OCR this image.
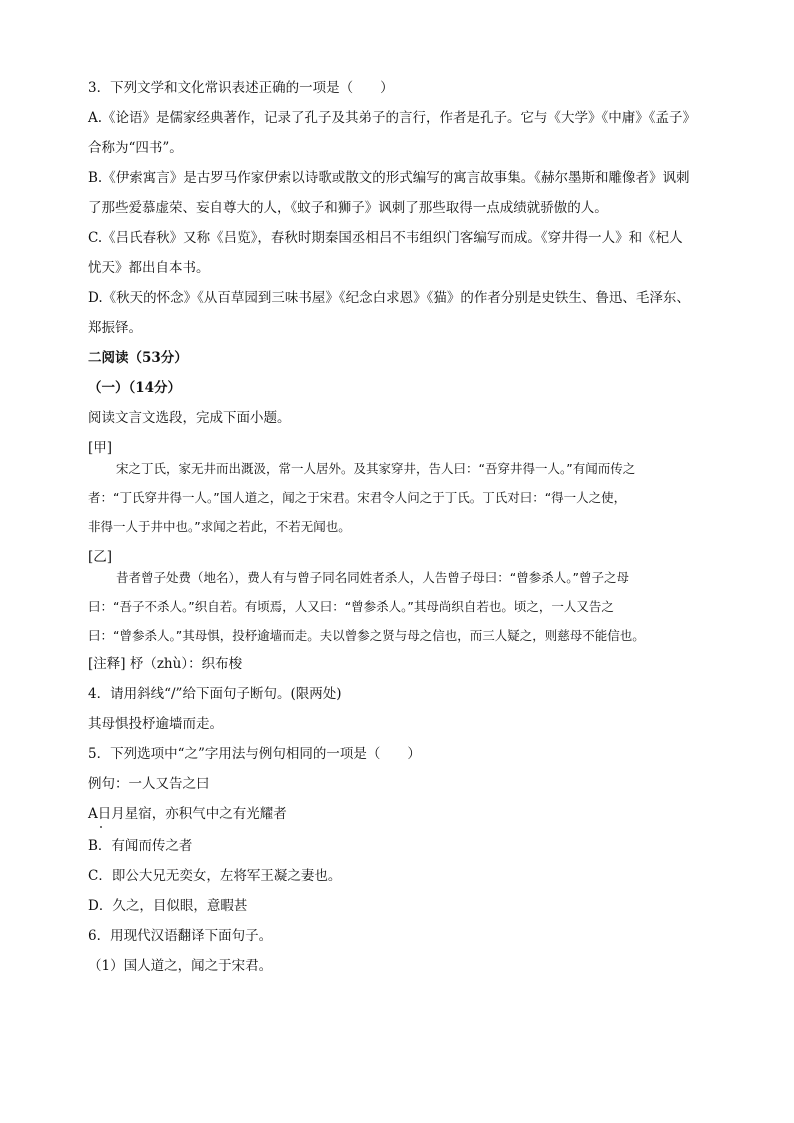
3．下列文学和文化常识表述正确的一项是（　　）

A.《论语》是儒家经典著作，记录了孔子及其弟子的言行，作者是孔子。它与《大学》《中庸》《孟子》

合称为“四书”。

B.《伊索寓言》是古罗马作家伊索以诗歌或散文的形式编写的寓言故事集。《赫尔墨斯和雕像者》讽刺

了那些爱慕虚荣、妄自尊大的人，《蚊子和狮子》讽刺了那些取得一点成绩就骄傲的人。

C.《吕氏春秋》又称《吕览》，春秋时期秦国丞相吕不韦组织门客编写而成。《穿井得一人》和《杞人

忧天》都出自本书。

D.《秋天的怀念》《从百草园到三味书屋》《纪念白求恩》《猫》的作者分别是史铁生、鲁迅、毛泽东、

郑振铎。

二阅读（53分）

（一）（14分）

阅读文言文选段，完成下面小题。

[甲]

宋之丁氏，家无井而出溉汲，常一人居外。及其家穿井，告人曰：“吾穿井得一人。”有闻而传之

者：“丁氏穿井得一人。”国人道之，闻之于宋君。宋君令人问之于丁氏。丁氏对曰：“得一人之使，

非得一人于井中也。”求闻之若此，不若无闻也。

[乙]

昔者曾子处费（地名），费人有与曾子同名同姓者杀人，人告曾子母曰：“曾参杀人。”曾子之母

曰：“吾子不杀人。”织自若。有顷焉，人又曰：“曾参杀人。”其母尚织自若也。顷之，一人又告之

曰：“曾参杀人。”其母惧，投杼逾墙而走。夫以曾参之贤与母之信也，而三人疑之，则慈母不能信也。

[注释] 杼（zhù）：织布梭

4．请用斜线“/”给下面句子断句。(限两处)

其母惧投杼逾墙而走。

5．下列选项中“之”字用法与例句相同的一项是（　　）

例句：一人又告之曰

A日月星宿，亦积气中之有光耀者

B．有闻而传之者

C．即公大兄无奕女，左将军王凝之妻也。

D．久之，目似眼，意暇甚

6．用现代汉语翻译下面句子。

（1）国人道之，闻之于宋君。
